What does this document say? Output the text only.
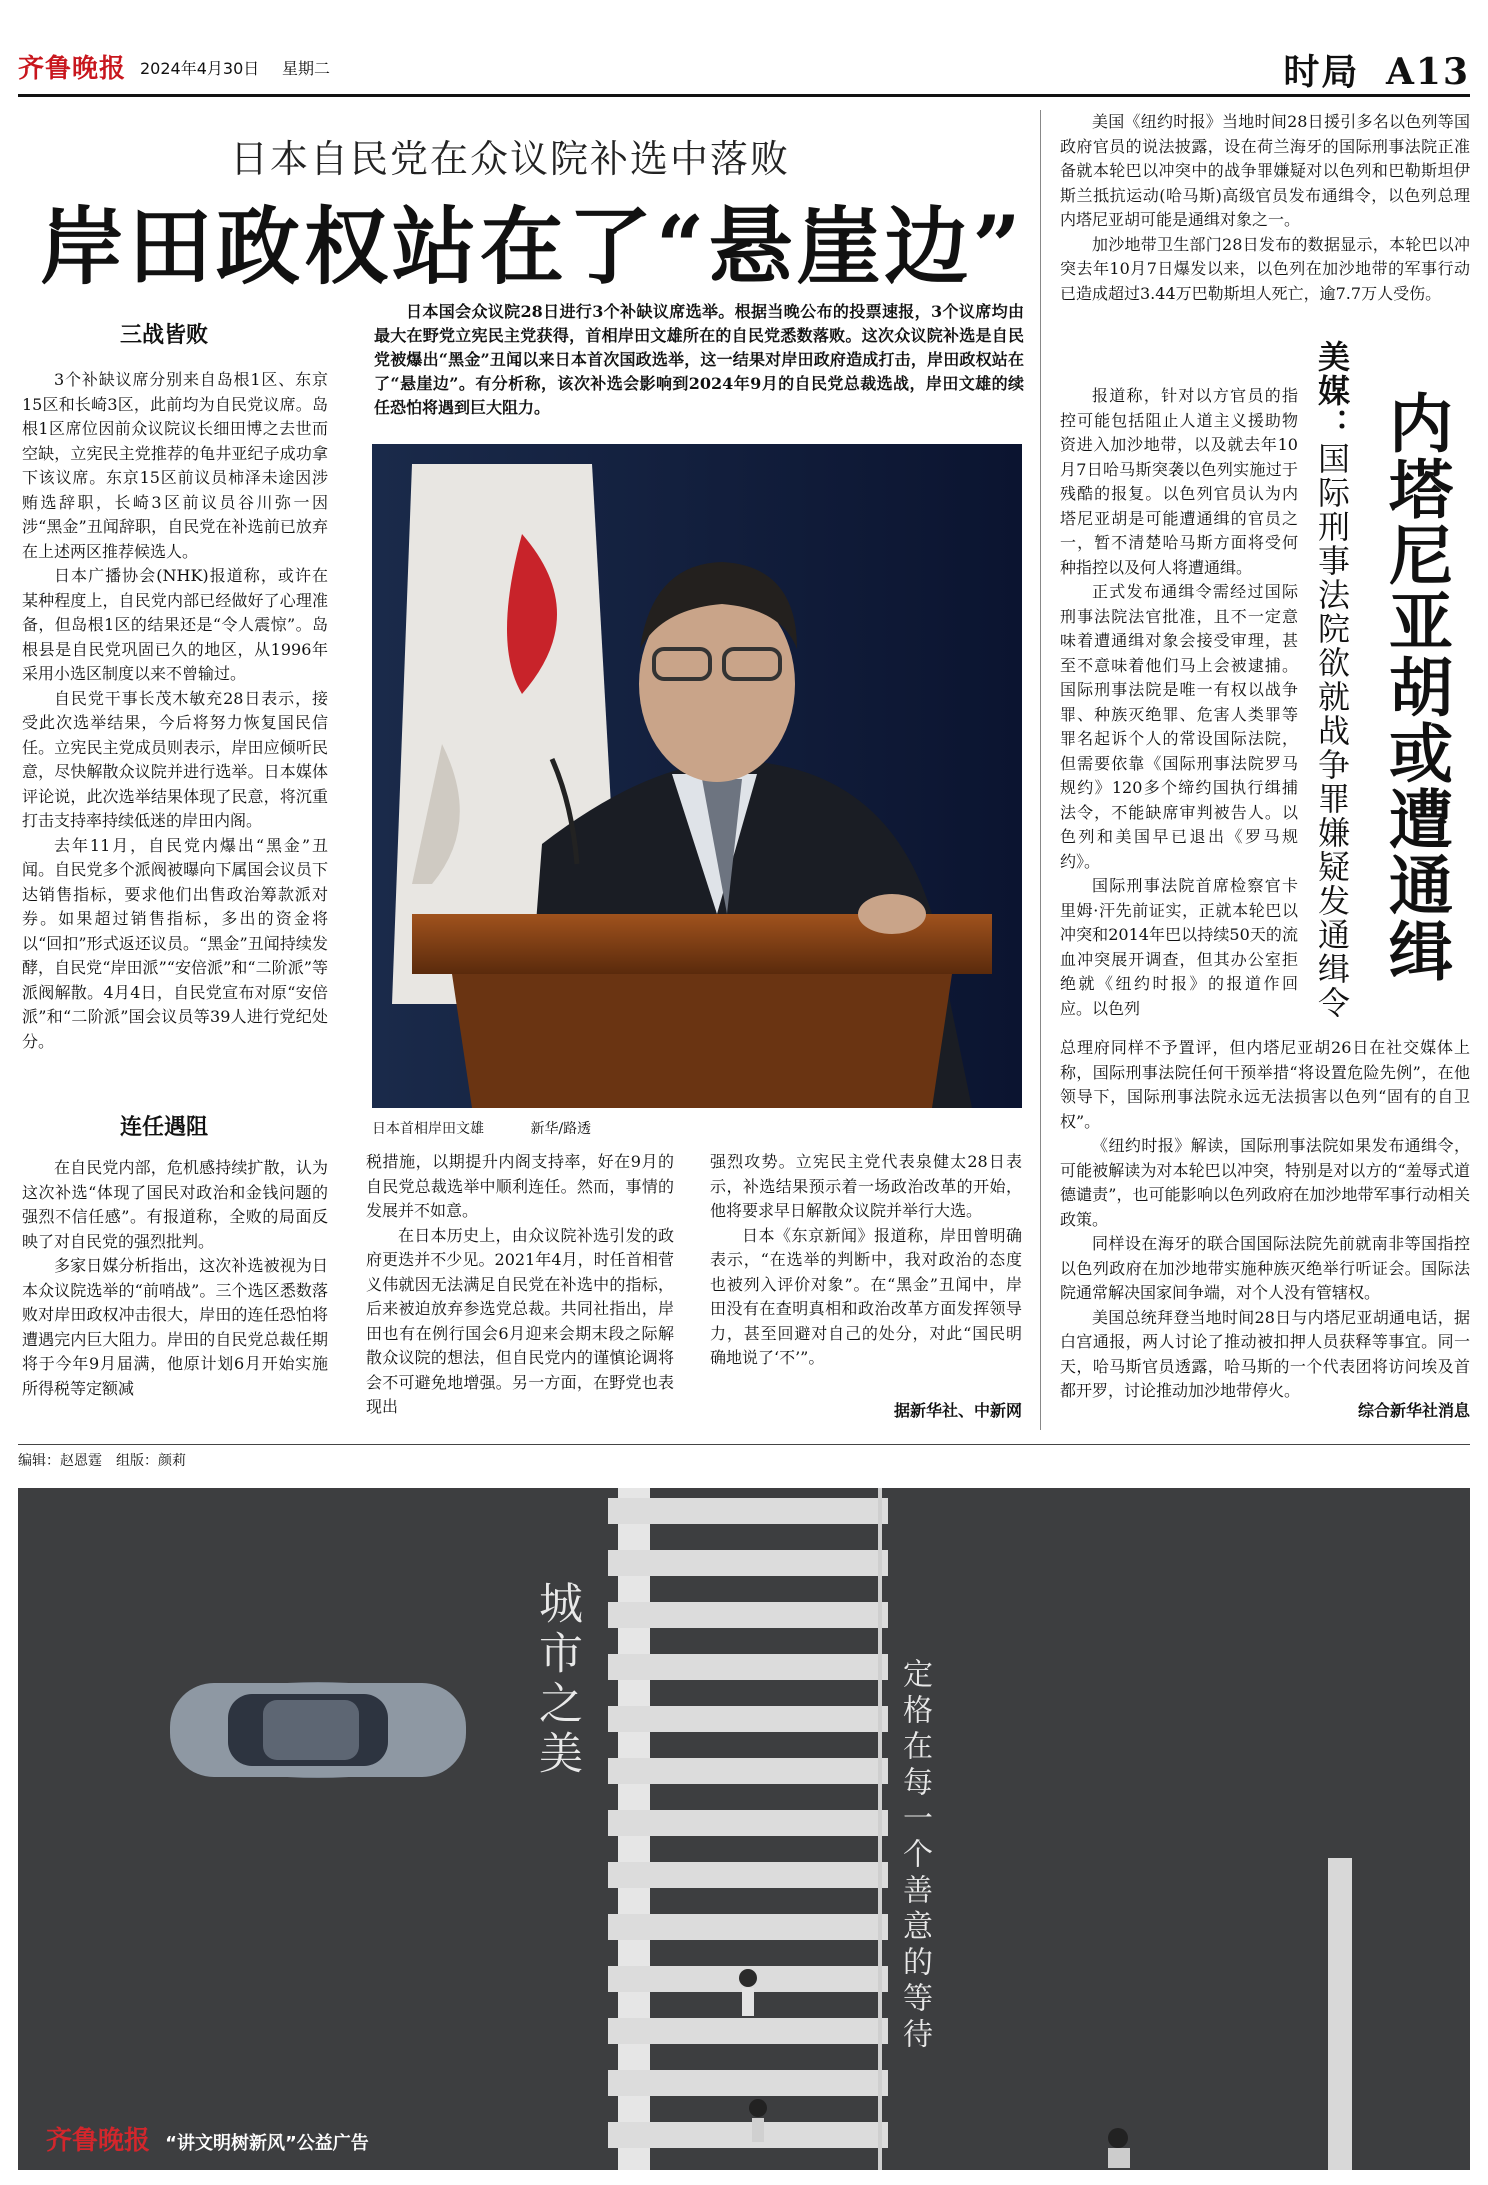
齐鲁晚报 2024年4月30日 星期二	时局 A13
日本自民党在众议院补选中落败
岸田政权站在了“悬崖边”
三战皆败

3个补缺议席分别来自岛根1区、东京15区和长崎3区，此前均为自民党议席。岛根1区席位因前众议院议长细田博之去世而空缺，立宪民主党推荐的龟井亚纪子成功拿下该议席。东京15区前议员柿泽未途因涉贿选辞职，长崎3区前议员谷川弥一因涉“黑金”丑闻辞职，自民党在补选前已放弃在上述两区推荐候选人。

日本广播协会(NHK)报道称，或许在某种程度上，自民党内部已经做好了心理准备，但岛根1区的结果还是“令人震惊”。岛根县是自民党巩固已久的地区，从1996年采用小选区制度以来不曾输过。

自民党干事长茂木敏充28日表示，接受此次选举结果，今后将努力恢复国民信任。立宪民主党成员则表示，岸田应倾听民意，尽快解散众议院并进行选举。日本媒体评论说，此次选举结果体现了民意，将沉重打击支持率持续低迷的岸田内阁。

去年11月，自民党内爆出“黑金”丑闻。自民党多个派阀被曝向下属国会议员下达销售指标，要求他们出售政治筹款派对券。如果超过销售指标，多出的资金将以“回扣”形式返还议员。“黑金”丑闻持续发酵，自民党“岸田派”“安倍派”和“二阶派”等派阀解散。4月4日，自民党宣布对原“安倍派”和“二阶派”国会议员等39人进行党纪处分。

连任遇阻

在自民党内部，危机感持续扩散，认为这次补选“体现了国民对政治和金钱问题的强烈不信任感”。有报道称，全败的局面反映了对自民党的强烈批判。

多家日媒分析指出，这次补选被视为日本众议院选举的“前哨战”。三个选区悉数落败对岸田政权冲击很大，岸田的连任恐怕将遭遇完内巨大阻力。岸田的自民党总裁任期将于今年9月届满，他原计划6月开始实施所得税等定额减

日本国会众议院28日进行3个补缺议席选举。根据当晚公布的投票速报，3个议席均由最大在野党立宪民主党获得，首相岸田文雄所在的自民党悉数落败。这次众议院补选是自民党被爆出“黑金”丑闻以来日本首次国政选举，这一结果对岸田政府造成打击，岸田政权站在了“悬崖边”。有分析称，该次补选会影响到2024年9月的自民党总裁选战，岸田文雄的续任恐怕将遇到巨大阻力。
日本首相岸田文雄	新华/路透

税措施，以期提升内阁支持率，好在9月的自民党总裁选举中顺利连任。然而，事情的发展并不如意。

在日本历史上，由众议院补选引发的政府更迭并不少见。2021年4月，时任首相菅义伟就因无法满足自民党在补选中的指标，后来被迫放弃参选党总裁。共同社指出，岸田也有在例行国会6月迎来会期末段之际解散众议院的想法，但自民党内的谨慎论调将会不可避免地增强。另一方面，在野党也表现出

强烈攻势。立宪民主党代表泉健太28日表示，补选结果预示着一场政治改革的开始，他将要求早日解散众议院并举行大选。

日本《东京新闻》报道称，岸田曾明确表示，“在选举的判断中，我对政治的态度也被列入评价对象”。在“黑金”丑闻中，岸田没有在查明真相和政治改革方面发挥领导力，甚至回避对自己的处分，对此“国民明确地说了‘不’”。

据新华社、中新网

美国《纽约时报》当地时间28日援引多名以色列等国政府官员的说法披露，设在荷兰海牙的国际刑事法院正准备就本轮巴以冲突中的战争罪嫌疑对以色列和巴勒斯坦伊斯兰抵抗运动(哈马斯)高级官员发布通缉令，以色列总理内塔尼亚胡可能是通缉对象之一。

加沙地带卫生部门28日发布的数据显示，本轮巴以冲突去年10月7日爆发以来，以色列在加沙地带的军事行动已造成超过3.44万巴勒斯坦人死亡，逾7.7万人受伤。

美媒：国际刑事法院欲就战争罪嫌疑发通缉令 内塔尼亚胡或遭通缉

报道称，针对以方官员的指控可能包括阻止人道主义援助物资进入加沙地带，以及就去年10月7日哈马斯突袭以色列实施过于残酷的报复。以色列官员认为内塔尼亚胡是可能遭通缉的官员之一，暂不清楚哈马斯方面将受何种指控以及何人将遭通缉。

正式发布通缉令需经过国际刑事法院法官批准，且不一定意味着遭通缉对象会接受审理，甚至不意味着他们马上会被逮捕。国际刑事法院是唯一有权以战争罪、种族灭绝罪、危害人类罪等罪名起诉个人的常设国际法院，但需要依靠《国际刑事法院罗马规约》120多个缔约国执行缉捕法令，不能缺席审判被告人。以色列和美国早已退出《罗马规约》。

国际刑事法院首席检察官卡里姆·汗先前证实，正就本轮巴以冲突和2014年巴以持续50天的流血冲突展开调查，但其办公室拒绝就《纽约时报》的报道作回应。以色列

总理府同样不予置评，但内塔尼亚胡26日在社交媒体上称，国际刑事法院任何干预举措“将设置危险先例”，在他领导下，国际刑事法院永远无法损害以色列“固有的自卫权”。

《纽约时报》解读，国际刑事法院如果发布通缉令，可能被解读为对本轮巴以冲突，特别是对以方的“羞辱式道德谴责”，也可能影响以色列政府在加沙地带军事行动相关政策。

同样设在海牙的联合国国际法院先前就南非等国指控以色列政府在加沙地带实施种族灭绝举行听证会。国际法院通常解决国家间争端，对个人没有管辖权。

美国总统拜登当地时间28日与内塔尼亚胡通电话，据白宫通报，两人讨论了推动被扣押人员获释等事宜。同一天，哈马斯官员透露，哈马斯的一个代表团将访问埃及首都开罗，讨论推动加沙地带停火。

综合新华社消息
编辑：赵恩霆　组版：颜莉
城市之美	定格在每一个善意的等待
齐鲁晚报 “讲文明树新风”公益广告
